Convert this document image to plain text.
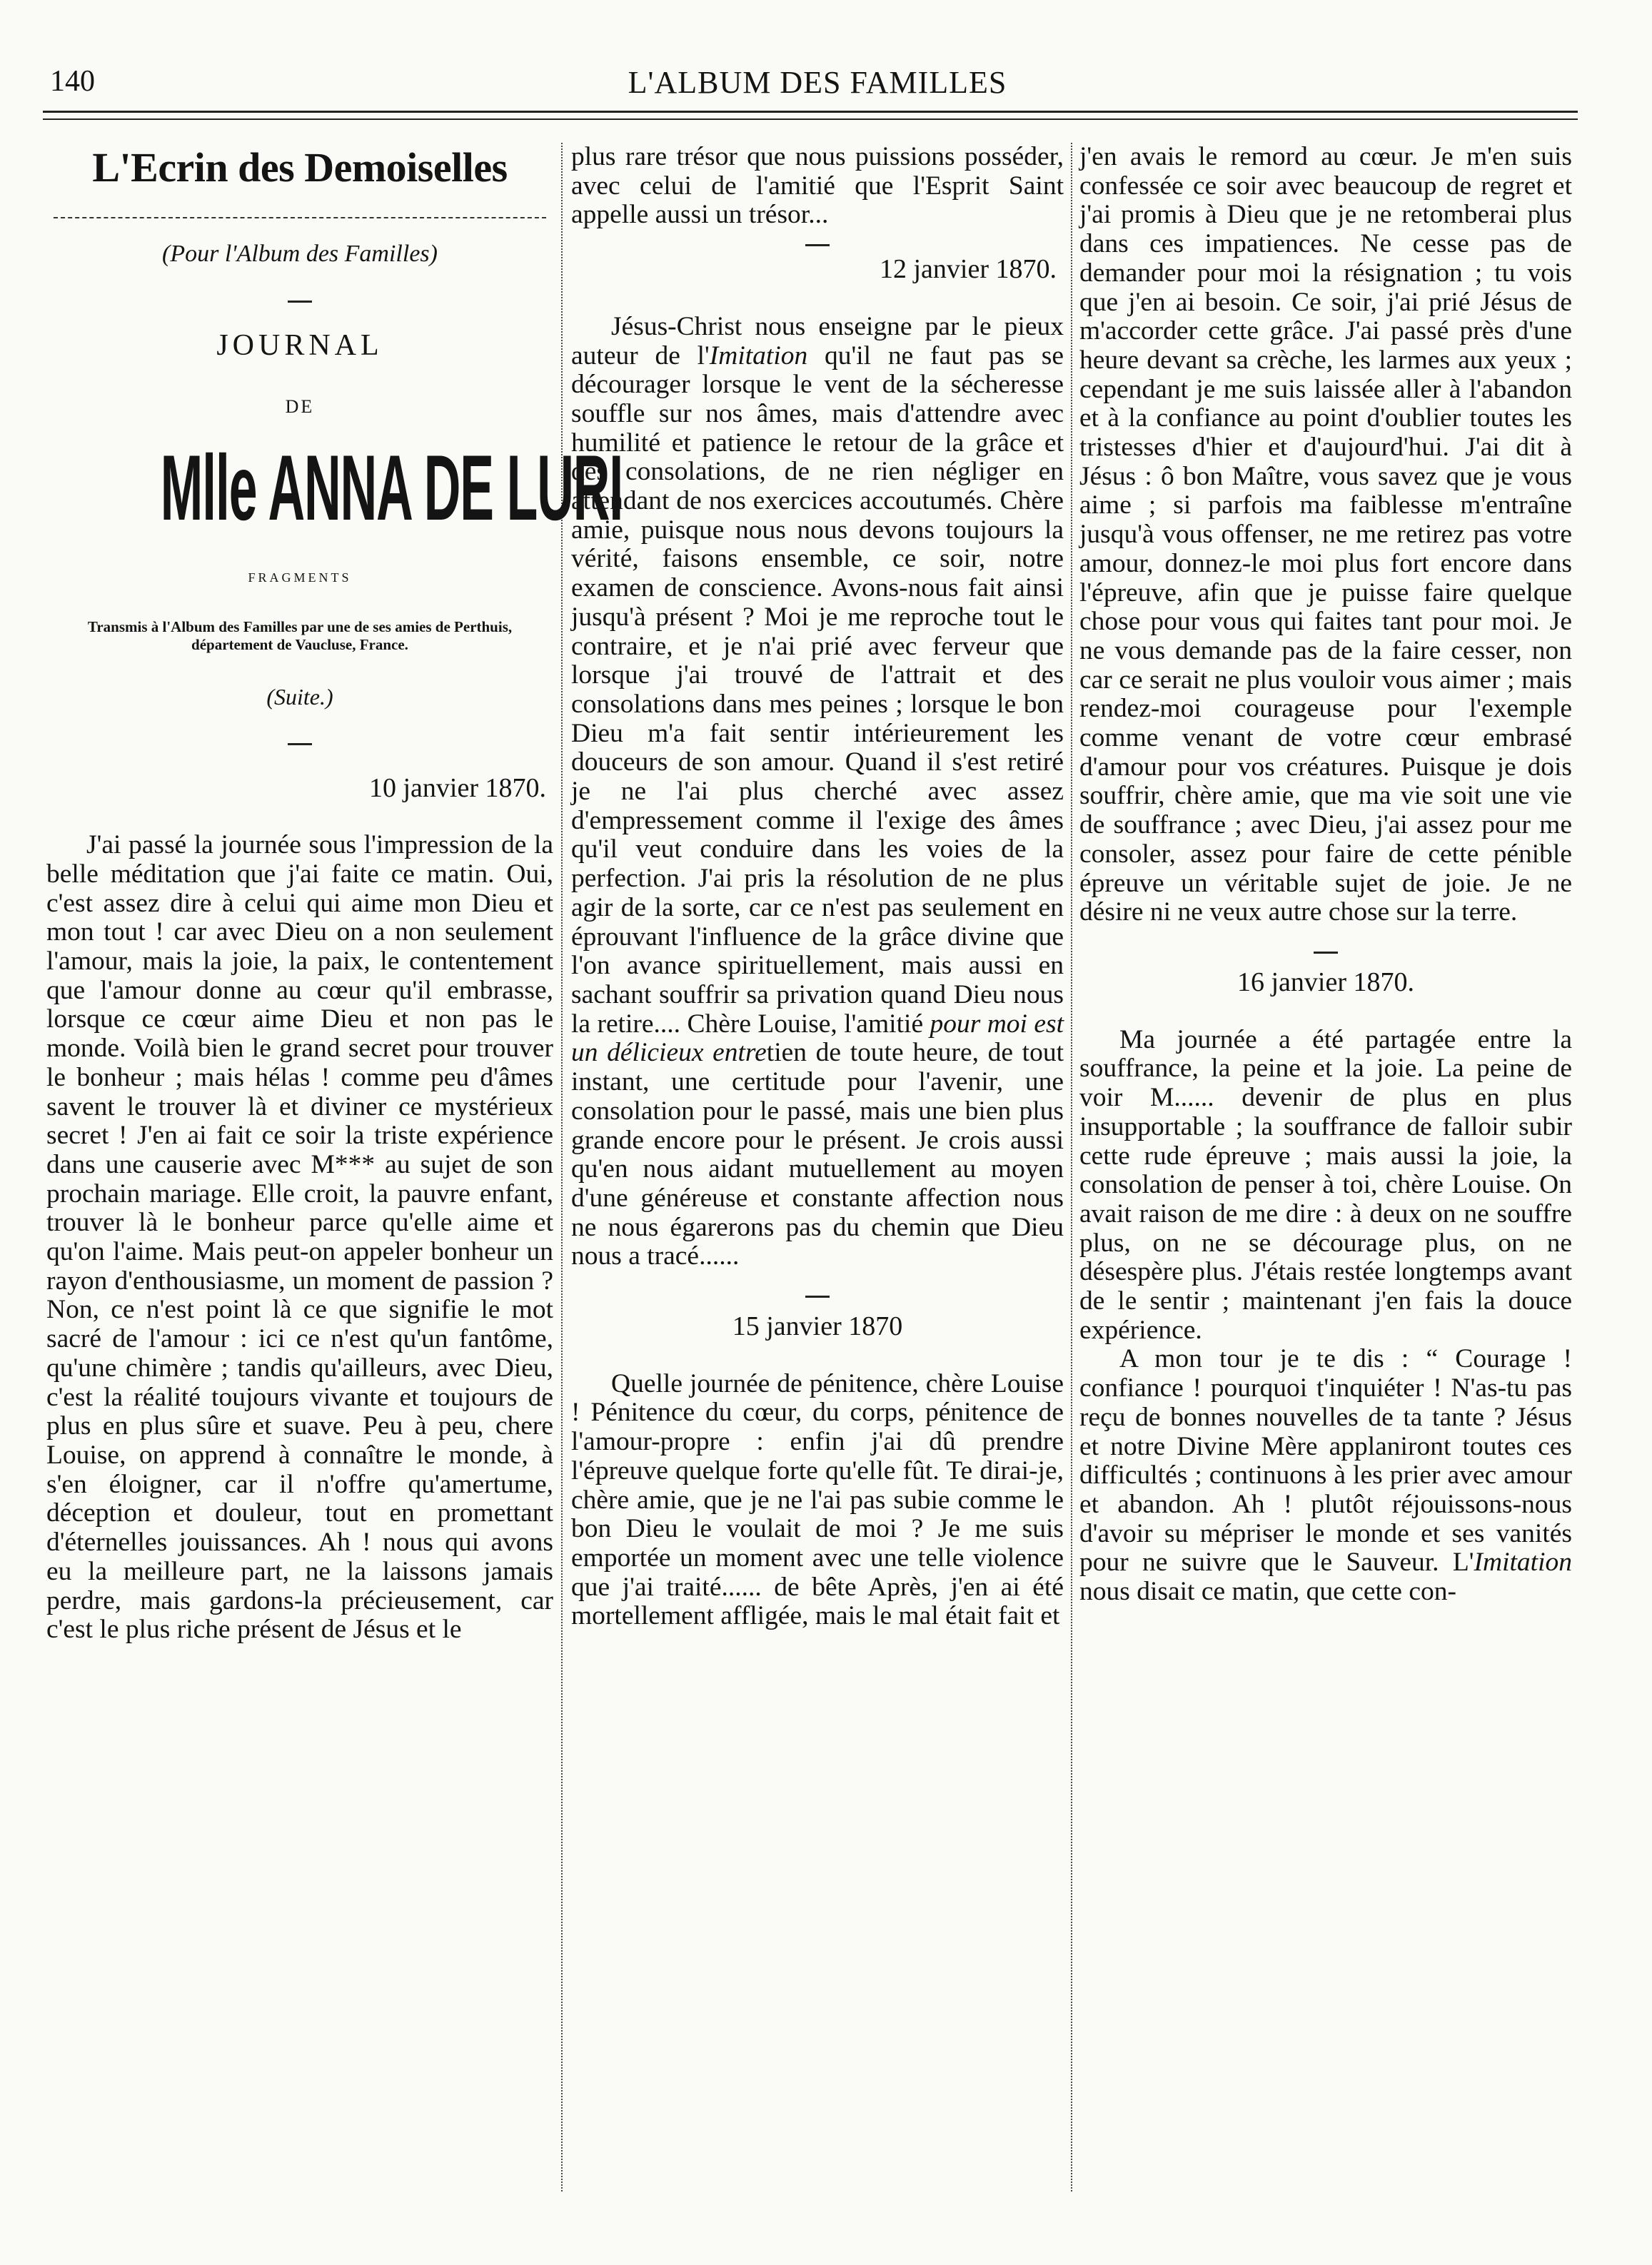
140	L'ALBUM DES FAMILLES
L'Ecrin des Demoiselles

(Pour l'Album des Familles)

JOURNAL

DE

Mlle ANNA DE LURI

FRAGMENTS

Transmis à l'Album des Familles par une de ses amies de Perthuis, département de Vaucluse, France.

(Suite.)

10 janvier 1870.

J'ai passé la journée sous l'impression de la belle méditation que j'ai faite ce matin. Oui, c'est assez dire à celui qui aime mon Dieu et mon tout ! car avec Dieu on a non seulement l'amour, mais la joie, la paix, le contentement que l'amour donne au cœur qu'il embrasse, lorsque ce cœur aime Dieu et non pas le monde. Voilà bien le grand secret pour trouver le bonheur ; mais hélas ! comme peu d'âmes savent le trouver là et diviner ce mystérieux secret ! J'en ai fait ce soir la triste expérience dans une causerie avec M*** au sujet de son prochain mariage. Elle croit, la pauvre enfant, trouver là le bonheur parce qu'elle aime et qu'on l'aime. Mais peut-on appeler bonheur un rayon d'enthousiasme, un moment de passion ? Non, ce n'est point là ce que signifie le mot sacré de l'amour : ici ce n'est qu'un fantôme, qu'une chimère ; tandis qu'ailleurs, avec Dieu, c'est la réalité toujours vivante et toujours de plus en plus sûre et suave. Peu à peu, chere Louise, on apprend à connaître le monde, à s'en éloigner, car il n'offre qu'amertume, déception et douleur, tout en promettant d'éternelles jouissances. Ah ! nous qui avons eu la meilleure part, ne la laissons jamais perdre, mais gardons-la précieusement, car c'est le plus riche présent de Jésus et le

plus rare trésor que nous puissions posséder, avec celui de l'amitié que l'Esprit Saint appelle aussi un trésor...

12 janvier 1870.

Jésus-Christ nous enseigne par le pieux auteur de l'Imitation qu'il ne faut pas se décourager lorsque le vent de la sécheresse souffle sur nos âmes, mais d'attendre avec humilité et patience le retour de la grâce et des consolations, de ne rien négliger en attendant de nos exercices accoutumés. Chère amie, puisque nous nous devons toujours la vérité, faisons ensemble, ce soir, notre examen de conscience. Avons-nous fait ainsi jusqu'à présent ? Moi je me reproche tout le contraire, et je n'ai prié avec ferveur que lorsque j'ai trouvé de l'attrait et des consolations dans mes peines ; lorsque le bon Dieu m'a fait sentir intérieurement les douceurs de son amour. Quand il s'est retiré je ne l'ai plus cherché avec assez d'empressement comme il l'exige des âmes qu'il veut conduire dans les voies de la perfection. J'ai pris la résolution de ne plus agir de la sorte, car ce n'est pas seulement en éprouvant l'influence de la grâce divine que l'on avance spirituellement, mais aussi en sachant souffrir sa privation quand Dieu nous la retire.... Chère Louise, l'amitié pour moi est un délicieux entretien de toute heure, de tout instant, une certitude pour l'avenir, une consolation pour le passé, mais une bien plus grande encore pour le présent. Je crois aussi qu'en nous aidant mutuellement au moyen d'une généreuse et constante affection nous ne nous égarerons pas du chemin que Dieu nous a tracé......

15 janvier 1870

Quelle journée de pénitence, chère Louise ! Pénitence du cœur, du corps, pénitence de l'amour-propre : enfin j'ai dû prendre l'épreuve quelque forte qu'elle fût. Te dirai-je, chère amie, que je ne l'ai pas subie comme le bon Dieu le voulait de moi ? Je me suis emportée un moment avec une telle violence que j'ai traité...... de bête Après, j'en ai été mortellement affligée, mais le mal était fait et

j'en avais le remord au cœur. Je m'en suis confessée ce soir avec beaucoup de regret et j'ai promis à Dieu que je ne retomberai plus dans ces impatiences. Ne cesse pas de demander pour moi la résignation ; tu vois que j'en ai besoin. Ce soir, j'ai prié Jésus de m'accorder cette grâce. J'ai passé près d'une heure devant sa crèche, les larmes aux yeux ; cependant je me suis laissée aller à l'abandon et à la confiance au point d'oublier toutes les tristesses d'hier et d'aujourd'hui. J'ai dit à Jésus : ô bon Maître, vous savez que je vous aime ; si parfois ma faiblesse m'entraîne jusqu'à vous offenser, ne me retirez pas votre amour, donnez-le moi plus fort encore dans l'épreuve, afin que je puisse faire quelque chose pour vous qui faites tant pour moi. Je ne vous demande pas de la faire cesser, non car ce serait ne plus vouloir vous aimer ; mais rendez-moi courageuse pour l'exemple comme venant de votre cœur embrasé d'amour pour vos créatures. Puisque je dois souffrir, chère amie, que ma vie soit une vie de souffrance ; avec Dieu, j'ai assez pour me consoler, assez pour faire de cette pénible épreuve un véritable sujet de joie. Je ne désire ni ne veux autre chose sur la terre.

16 janvier 1870.

Ma journée a été partagée entre la souffrance, la peine et la joie. La peine de voir M...... devenir de plus en plus insupportable ; la souffrance de falloir subir cette rude épreuve ; mais aussi la joie, la consolation de penser à toi, chère Louise. On avait raison de me dire : à deux on ne souffre plus, on ne se décourage plus, on ne désespère plus. J'étais restée longtemps avant de le sentir ; maintenant j'en fais la douce expérience.

A mon tour je te dis : “ Courage ! confiance ! pourquoi t'inquiéter ! N'as-tu pas reçu de bonnes nouvelles de ta tante ? Jésus et notre Divine Mère applaniront toutes ces difficultés ; continuons à les prier avec amour et abandon. Ah ! plutôt réjouissons-nous d'avoir su mépriser le monde et ses vanités pour ne suivre que le Sauveur. L'Imitation nous disait ce matin, que cette con-
